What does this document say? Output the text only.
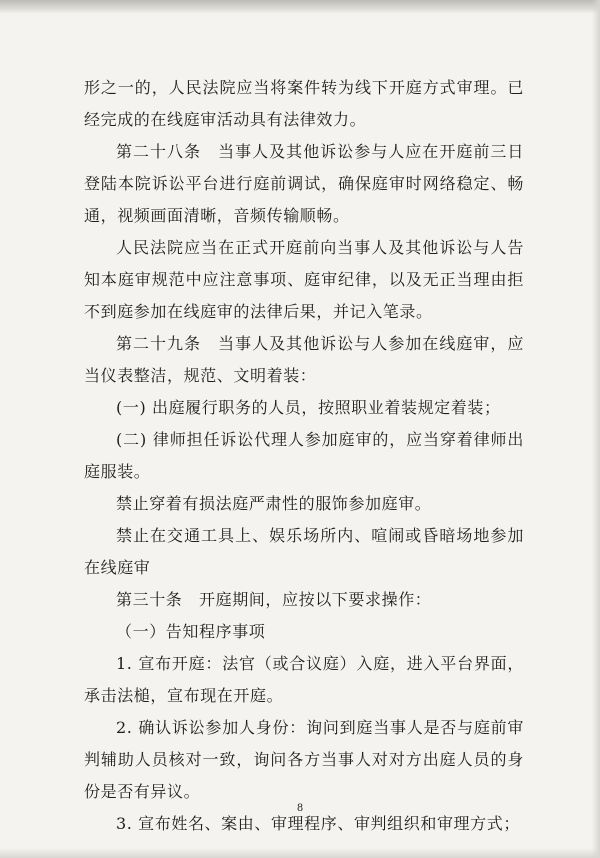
形之一的，人民法院应当将案件转为线下开庭方式审理。已经完成的在线庭审活动具有法律效力。

第二十八条　当事人及其他诉讼参与人应在开庭前三日登陆本院诉讼平台进行庭前调试，确保庭审时网络稳定、畅通，视频画面清晰，音频传输顺畅。

人民法院应当在正式开庭前向当事人及其他诉讼与人告知本庭审规范中应注意事项、庭审纪律，以及无正当理由拒不到庭参加在线庭审的法律后果，并记入笔录。

第二十九条　当事人及其他诉讼与人参加在线庭审，应当仪表整洁，规范、文明着装：

(一) 出庭履行职务的人员，按照职业着装规定着装；

(二) 律师担任诉讼代理人参加庭审的，应当穿着律师出庭服装。

禁止穿着有损法庭严肃性的服饰参加庭审。

禁止在交通工具上、娱乐场所内、喧闹或昏暗场地参加在线庭审

第三十条　开庭期间，应按以下要求操作：

（一）告知程序事项

1. 宣布开庭：法官（或合议庭）入庭，进入平台界面，承击法槌，宣布现在开庭。

2. 确认诉讼参加人身份：询问到庭当事人是否与庭前审判辅助人员核对一致，询问各方当事人对对方出庭人员的身份是否有异议。

3. 宣布姓名、案由、审理程序、审判组织和审理方式；

8
